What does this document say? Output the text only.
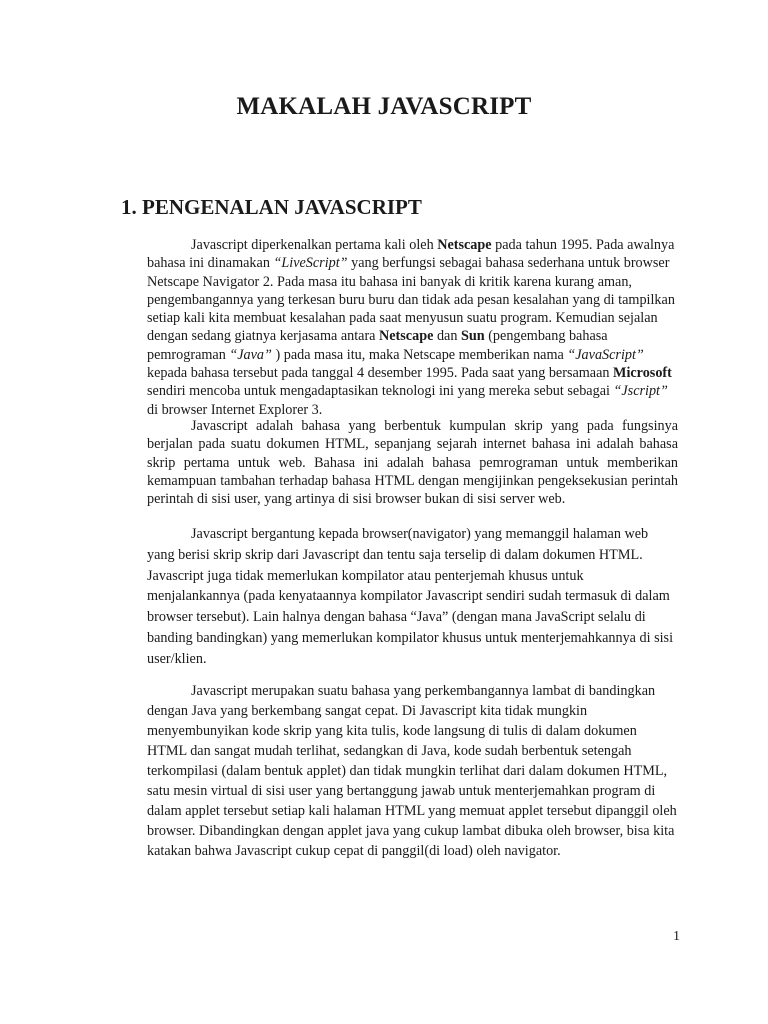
MAKALAH JAVASCRIPT
1. PENGENALAN JAVASCRIPT

Javascript diperkenalkan pertama kali oleh Netscape pada tahun 1995. Pada awalnya bahasa ini dinamakan “LiveScript” yang berfungsi sebagai bahasa sederhana untuk browser Netscape Navigator 2. Pada masa itu bahasa ini banyak di kritik karena kurang aman, pengembangannya yang terkesan buru buru dan tidak ada pesan kesalahan yang di tampilkan setiap kali kita membuat kesalahan pada saat menyusun suatu program. Kemudian sejalan dengan sedang giatnya kerjasama antara Netscape dan Sun (pengembang bahasa pemrograman “Java” ) pada masa itu, maka Netscape memberikan nama “JavaScript” kepada bahasa tersebut pada tanggal 4 desember 1995. Pada saat yang bersamaan Microsoft sendiri mencoba untuk mengadaptasikan teknologi ini yang mereka sebut sebagai “Jscript” di browser Internet Explorer 3.

Javascript adalah bahasa yang berbentuk kumpulan skrip yang pada fungsinya berjalan pada suatu dokumen HTML, sepanjang sejarah internet bahasa ini adalah bahasa skrip pertama untuk web. Bahasa ini adalah bahasa pemrograman untuk memberikan kemampuan tambahan terhadap bahasa HTML dengan mengijinkan pengeksekusian perintah perintah di sisi user, yang artinya di sisi browser bukan di sisi server web.

Javascript bergantung kepada browser(navigator) yang memanggil halaman web yang berisi skrip skrip dari Javascript dan tentu saja terselip di dalam dokumen HTML. Javascript juga tidak memerlukan kompilator atau penterjemah khusus untuk menjalankannya (pada kenyataannya kompilator Javascript sendiri sudah termasuk di dalam browser tersebut). Lain halnya dengan bahasa “Java” (dengan mana JavaScript selalu di banding bandingkan) yang memerlukan kompilator khusus untuk menterjemahkannya di sisi user/klien.

Javascript merupakan suatu bahasa yang perkembangannya lambat di bandingkan dengan Java yang berkembang sangat cepat. Di Javascript kita tidak mungkin menyembunyikan kode skrip yang kita tulis, kode langsung di tulis di dalam dokumen HTML dan sangat mudah terlihat, sedangkan di Java, kode sudah berbentuk setengah terkompilasi (dalam bentuk applet) dan tidak mungkin terlihat dari dalam dokumen HTML, satu mesin virtual di sisi user yang bertanggung jawab untuk menterjemahkan program di dalam applet tersebut setiap kali halaman HTML yang memuat applet tersebut dipanggil oleh browser. Dibandingkan dengan applet java yang cukup lambat dibuka oleh browser, bisa kita katakan bahwa Javascript cukup cepat di panggil(di load) oleh navigator.

1
